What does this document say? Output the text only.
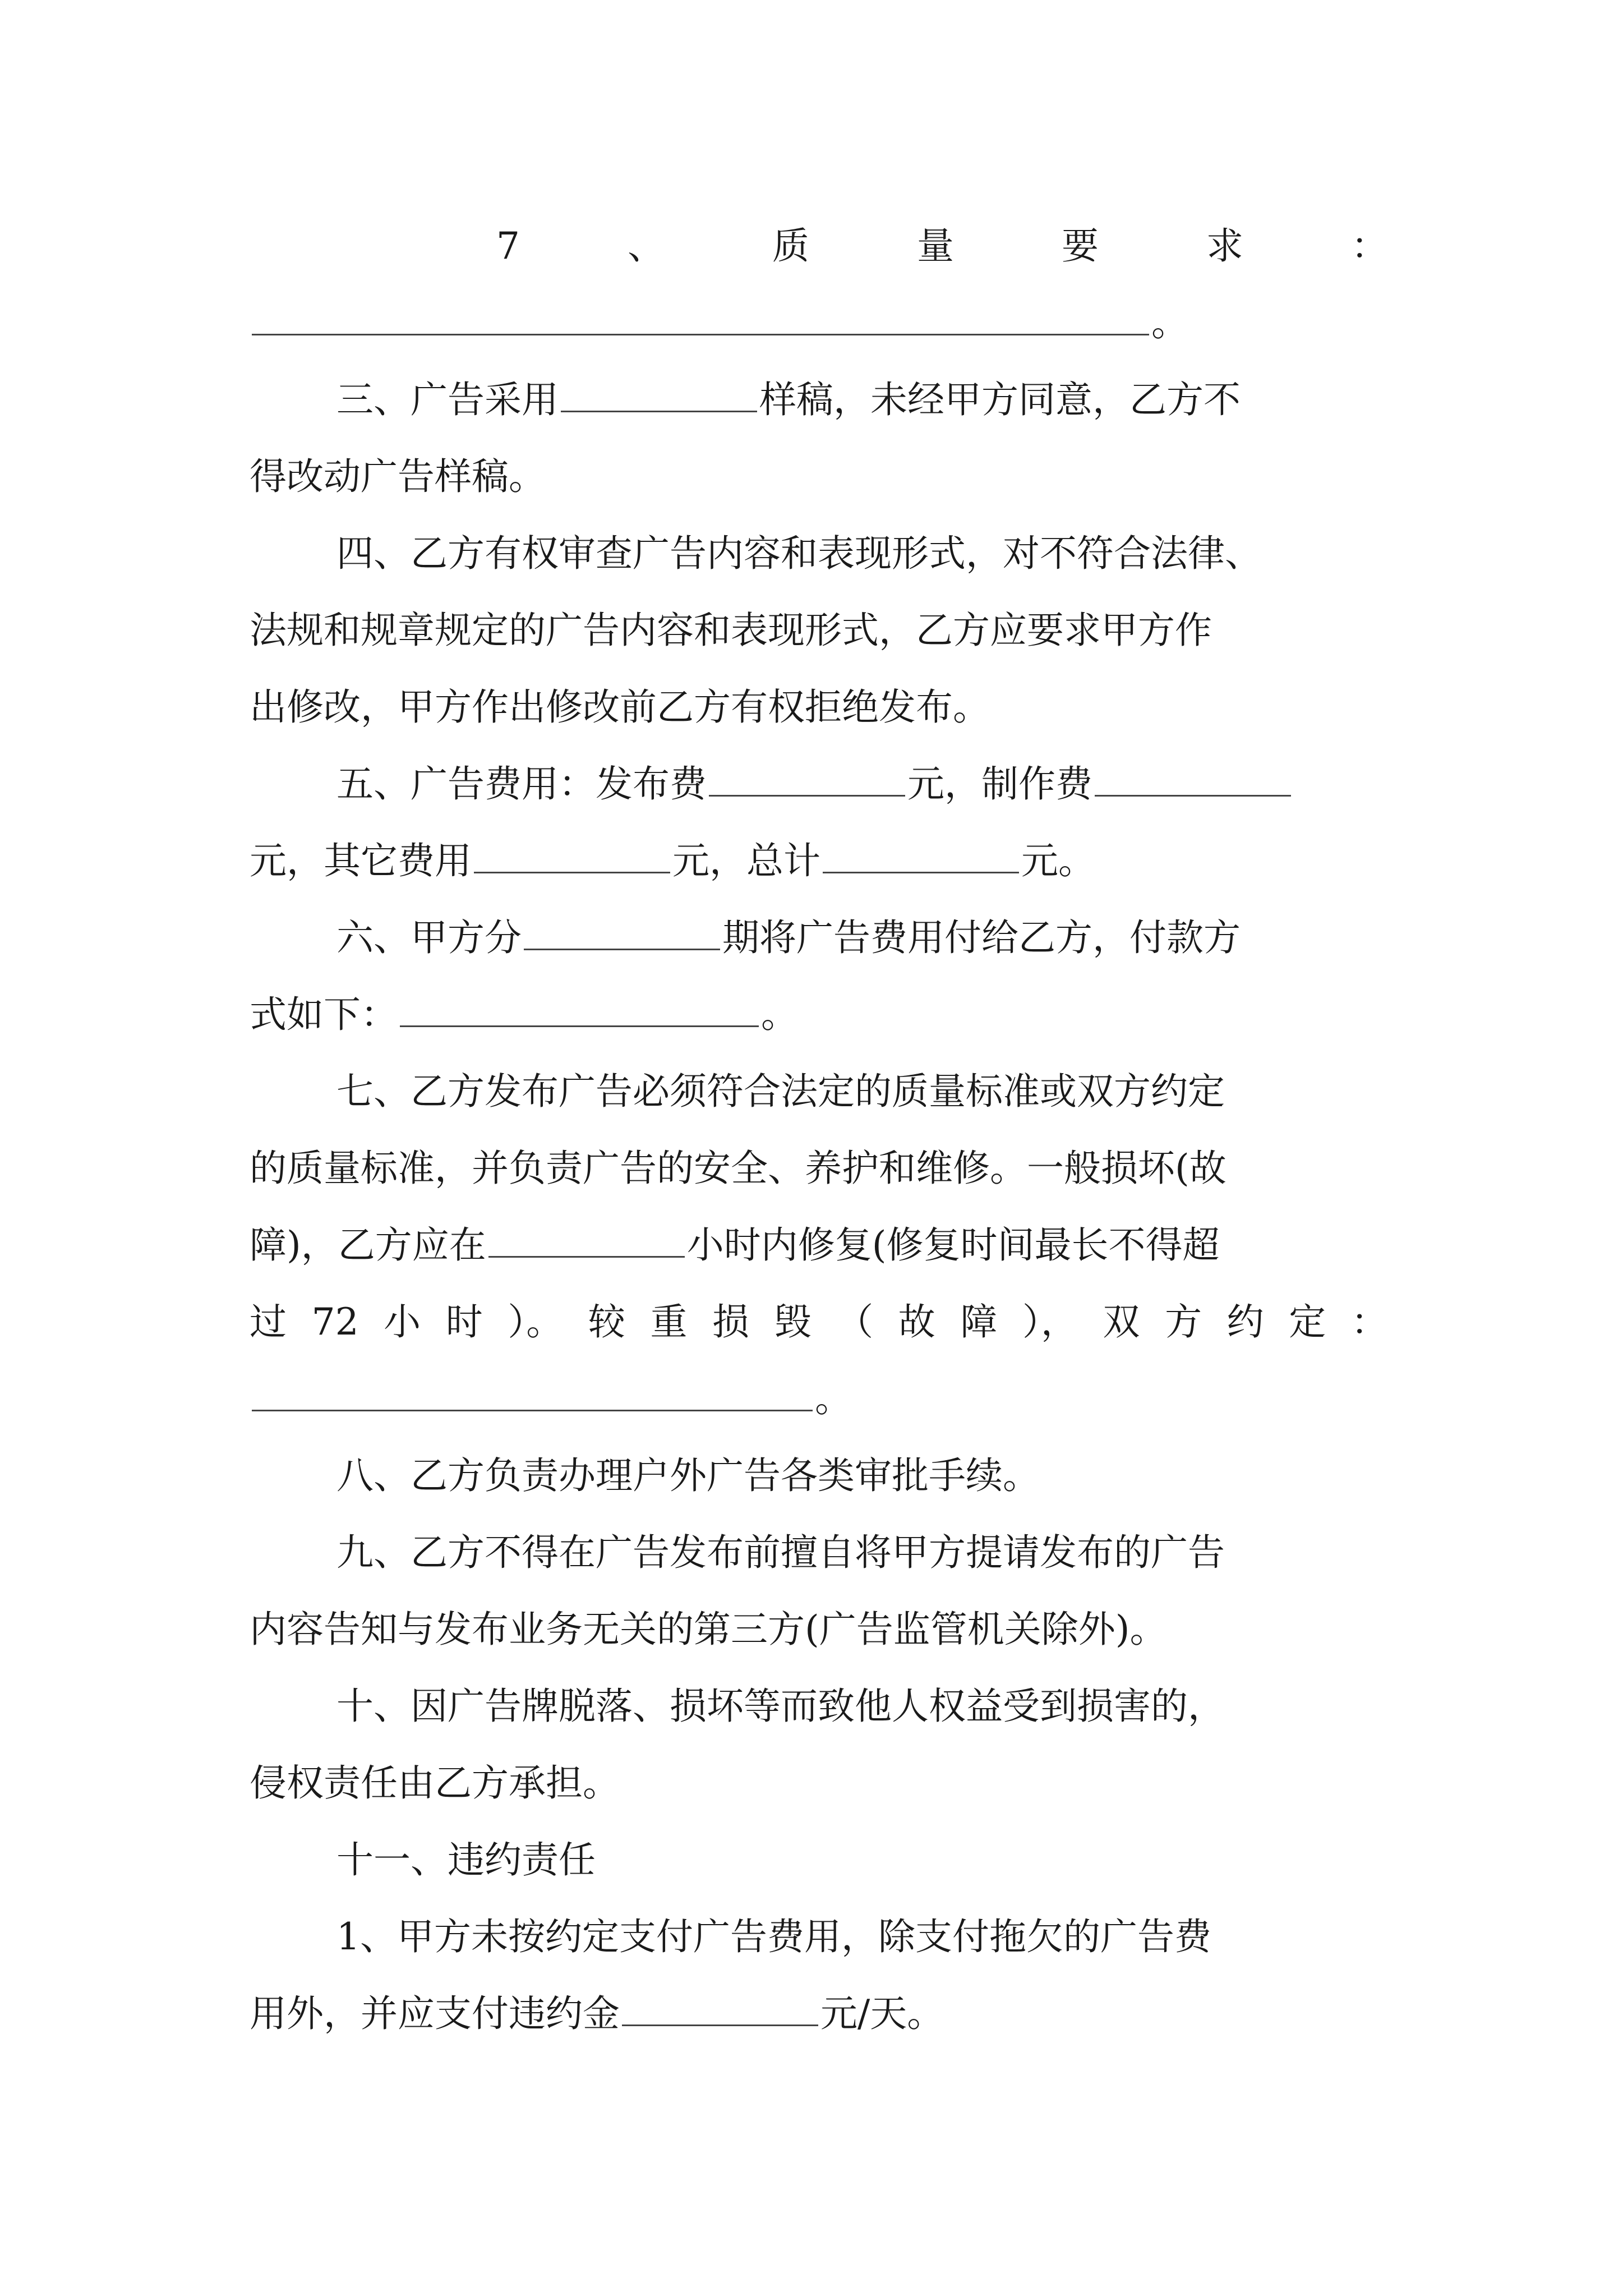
7	、	质	量	要	求	：
。
三、广告采用	样稿，未经甲方同意，乙方不
得改动广告样稿。
四、乙方有权审查广告内容和表现形式，对不符合法律、
法规和规章规定的广告内容和表现形式，乙方应要求甲方作
出修改，甲方作出修改前乙方有权拒绝发布。
五、广告费用：发布费	元，制作费
元，其它费用	元，总计	元。
六、甲方分	期将广告费用付给乙方，付款方
式如下：	。
七、乙方发布广告必须符合法定的质量标准或双方约定
的质量标准，并负责广告的安全、养护和维修。一般损坏(故
障)，乙方应在	小时内修复(修复时间最长不得超
过 72 小 时 ）。 较 重 损 毁 （ 故 障 ）， 双 方 约 定 ：
。
八、乙方负责办理户外广告各类审批手续。
九、乙方不得在广告发布前擅自将甲方提请发布的广告
内容告知与发布业务无关的第三方(广告监管机关除外)。
十、因广告牌脱落、损坏等而致他人权益受到损害的，
侵权责任由乙方承担。
十一、违约责任
1、甲方未按约定支付广告费用，除支付拖欠的广告费
用外，并应支付违约金	元/天。
